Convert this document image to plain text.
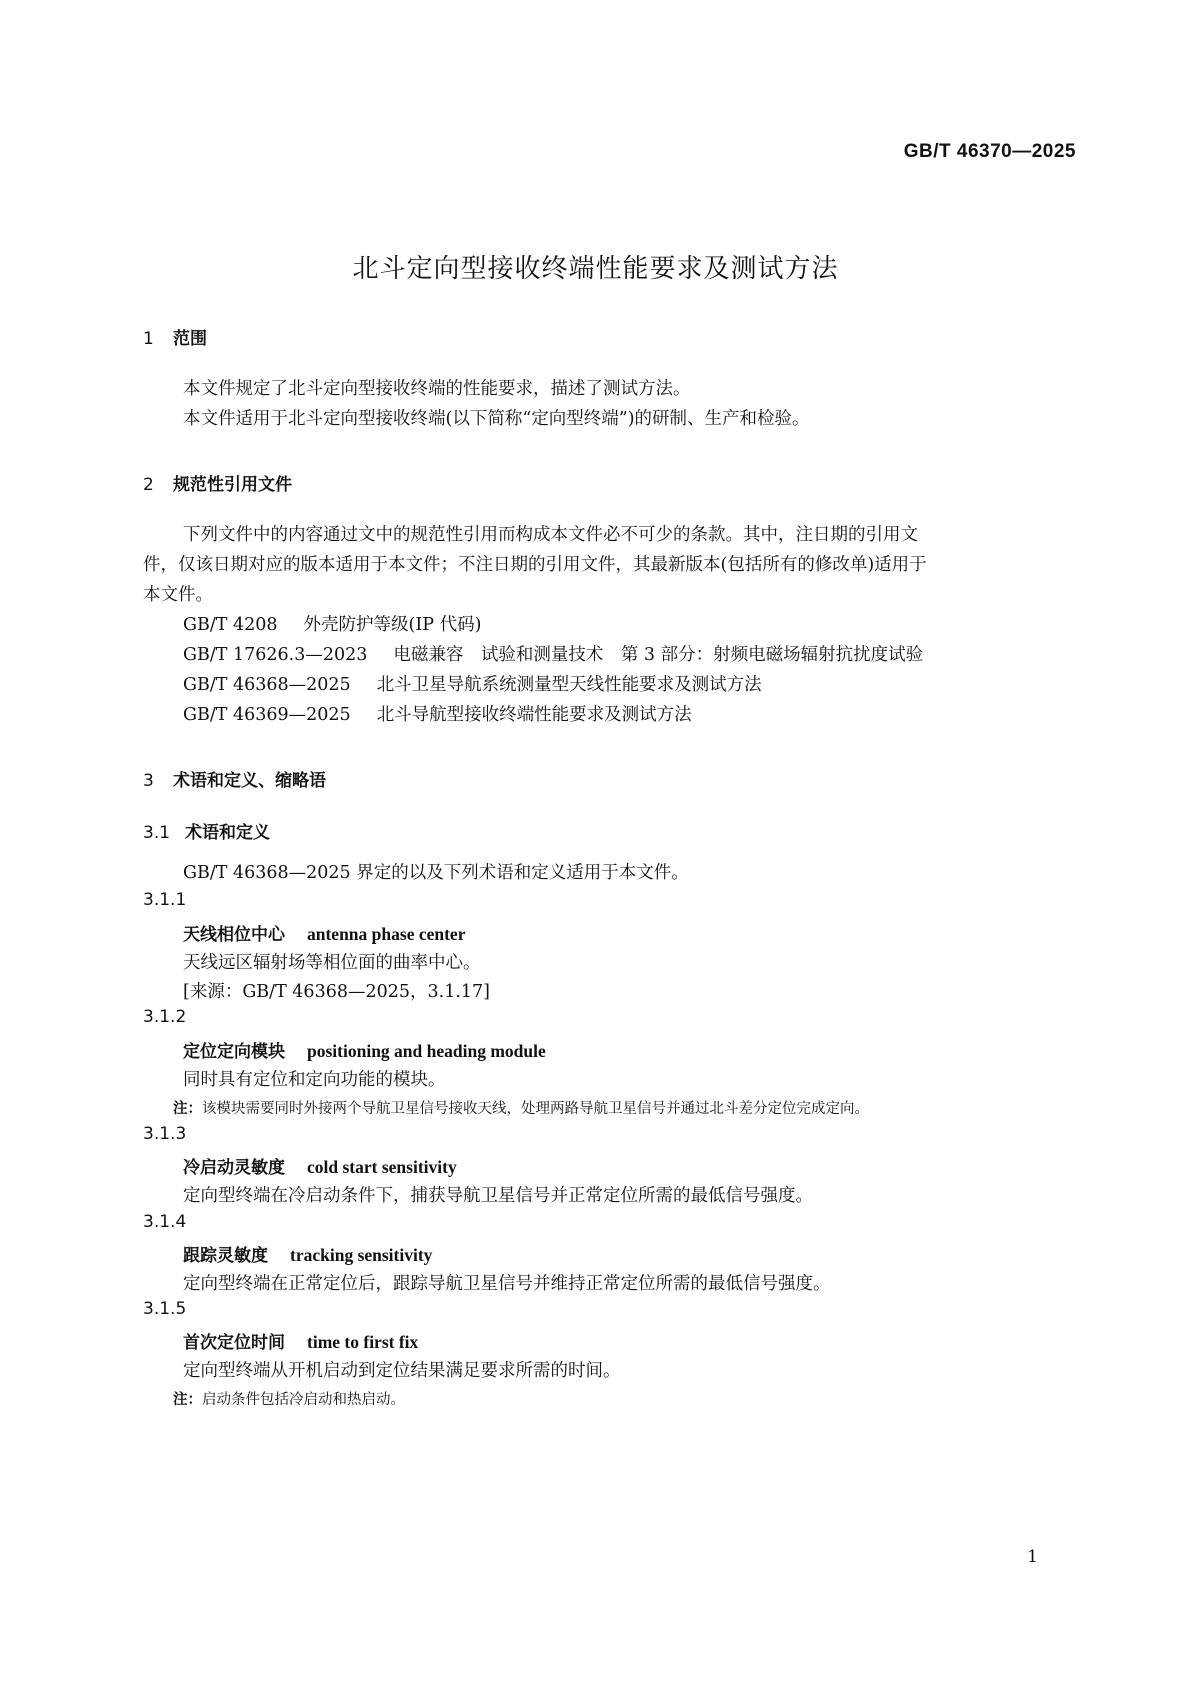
GB/T 46370—2025
北斗定向型接收终端性能要求及测试方法
1 范围
本文件规定了北斗定向型接收终端的性能要求，描述了测试方法。
本文件适用于北斗定向型接收终端(以下简称“定向型终端”)的研制、生产和检验。
2 规范性引用文件
下列文件中的内容通过文中的规范性引用而构成本文件必不可少的条款。其中，注日期的引用文
件，仅该日期对应的版本适用于本文件；不注日期的引用文件，其最新版本(包括所有的修改单)适用于
本文件。
GB/T 4208 外壳防护等级(IP 代码)
GB/T 17626.3—2023 电磁兼容　试验和测量技术　第 3 部分：射频电磁场辐射抗扰度试验
GB/T 46368—2025 北斗卫星导航系统测量型天线性能要求及测试方法
GB/T 46369—2025 北斗导航型接收终端性能要求及测试方法
3 术语和定义、缩略语
3.1 术语和定义
GB/T 46368—2025 界定的以及下列术语和定义适用于本文件。
3.1.1
天线相位中心 antenna phase center
天线远区辐射场等相位面的曲率中心。
[来源：GB/T 46368—2025，3.1.17]
3.1.2
定位定向模块 positioning and heading module
同时具有定位和定向功能的模块。
注：该模块需要同时外接两个导航卫星信号接收天线，处理两路导航卫星信号并通过北斗差分定位完成定向。
3.1.3
冷启动灵敏度 cold start sensitivity
定向型终端在冷启动条件下，捕获导航卫星信号并正常定位所需的最低信号强度。
3.1.4
跟踪灵敏度 tracking sensitivity
定向型终端在正常定位后，跟踪导航卫星信号并维持正常定位所需的最低信号强度。
3.1.5
首次定位时间 time to first fix
定向型终端从开机启动到定位结果满足要求所需的时间。
注：启动条件包括冷启动和热启动。
1
